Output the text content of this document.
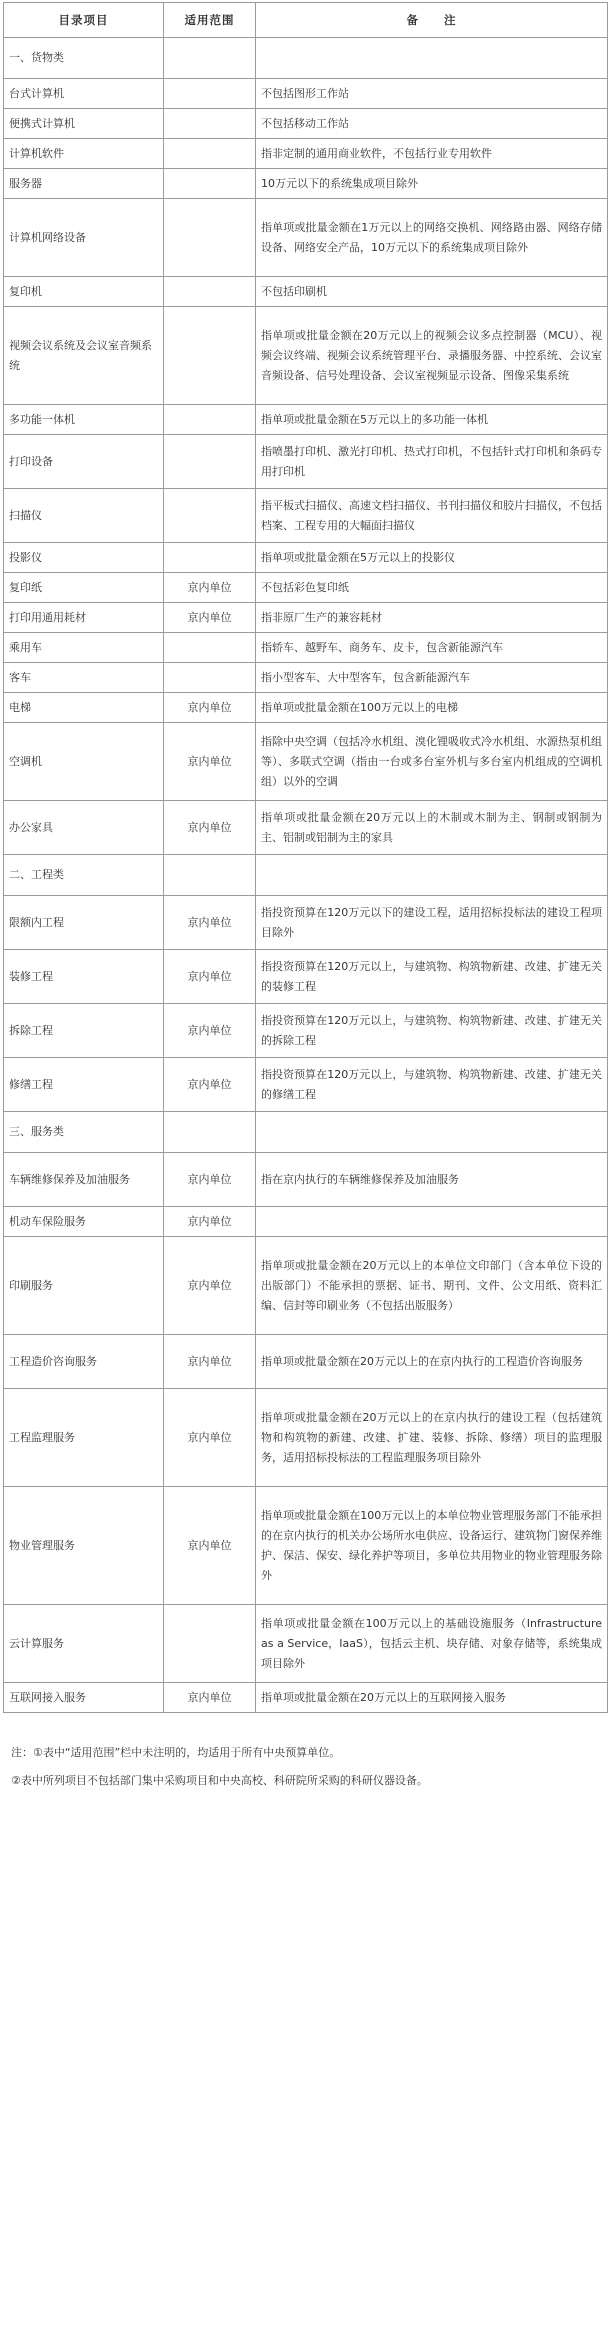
目录项目	适用范围	备　　注
一、货物类		
台式计算机		不包括图形工作站
便携式计算机		不包括移动工作站
计算机软件		指非定制的通用商业软件，不包括行业专用软件
服务器		10万元以下的系统集成项目除外
计算机网络设备		指单项或批量金额在1万元以上的网络交换机、网络路由器、网络存储设备、网络安全产品，10万元以下的系统集成项目除外
复印机		不包括印刷机
视频会议系统及会议室音频系统		指单项或批量金额在20万元以上的视频会议多点控制器（MCU）、视频会议终端、视频会议系统管理平台、录播服务器、中控系统、会议室音频设备、信号处理设备、会议室视频显示设备、图像采集系统
多功能一体机		指单项或批量金额在5万元以上的多功能一体机
打印设备		指喷墨打印机、激光打印机、热式打印机，不包括针式打印机和条码专用打印机
扫描仪		指平板式扫描仪、高速文档扫描仪、书刊扫描仪和胶片扫描仪，不包括档案、工程专用的大幅面扫描仪
投影仪		指单项或批量金额在5万元以上的投影仪
复印纸	京内单位	不包括彩色复印纸
打印用通用耗材	京内单位	指非原厂生产的兼容耗材
乘用车		指轿车、越野车、商务车、皮卡，包含新能源汽车
客车		指小型客车、大中型客车，包含新能源汽车
电梯	京内单位	指单项或批量金额在100万元以上的电梯
空调机	京内单位	指除中央空调（包括冷水机组、溴化锂吸收式冷水机组、水源热泵机组等）、多联式空调（指由一台或多台室外机与多台室内机组成的空调机组）以外的空调
办公家具	京内单位	指单项或批量金额在20万元以上的木制或木制为主、钢制或钢制为主、铝制或铝制为主的家具
二、工程类		
限额内工程	京内单位	指投资预算在120万元以下的建设工程，适用招标投标法的建设工程项目除外
装修工程	京内单位	指投资预算在120万元以上，与建筑物、构筑物新建、改建、扩建无关的装修工程
拆除工程	京内单位	指投资预算在120万元以上，与建筑物、构筑物新建、改建、扩建无关的拆除工程
修缮工程	京内单位	指投资预算在120万元以上，与建筑物、构筑物新建、改建、扩建无关的修缮工程
三、服务类		
车辆维修保养及加油服务	京内单位	指在京内执行的车辆维修保养及加油服务
机动车保险服务	京内单位	
印刷服务	京内单位	指单项或批量金额在20万元以上的本单位文印部门（含本单位下设的出版部门）不能承担的票据、证书、期刊、文件、公文用纸、资料汇编、信封等印刷业务（不包括出版服务）
工程造价咨询服务	京内单位	指单项或批量金额在20万元以上的在京内执行的工程造价咨询服务
工程监理服务	京内单位	指单项或批量金额在20万元以上的在京内执行的建设工程（包括建筑物和构筑物的新建、改建、扩建、装修、拆除、修缮）项目的监理服务，适用招标投标法的工程监理服务项目除外
物业管理服务	京内单位	指单项或批量金额在100万元以上的本单位物业管理服务部门不能承担的在京内执行的机关办公场所水电供应、设备运行、建筑物门窗保养维护、保洁、保安、绿化养护等项目，多单位共用物业的物业管理服务除外
云计算服务		指单项或批量金额在100万元以上的基础设施服务（Infrastructure as a Service，IaaS），包括云主机、块存储、对象存储等，系统集成项目除外
互联网接入服务	京内单位	指单项或批量金额在20万元以上的互联网接入服务
注：①表中“适用范围”栏中未注明的，均适用于所有中央预算单位。
②表中所列项目不包括部门集中采购项目和中央高校、科研院所采购的科研仪器设备。
